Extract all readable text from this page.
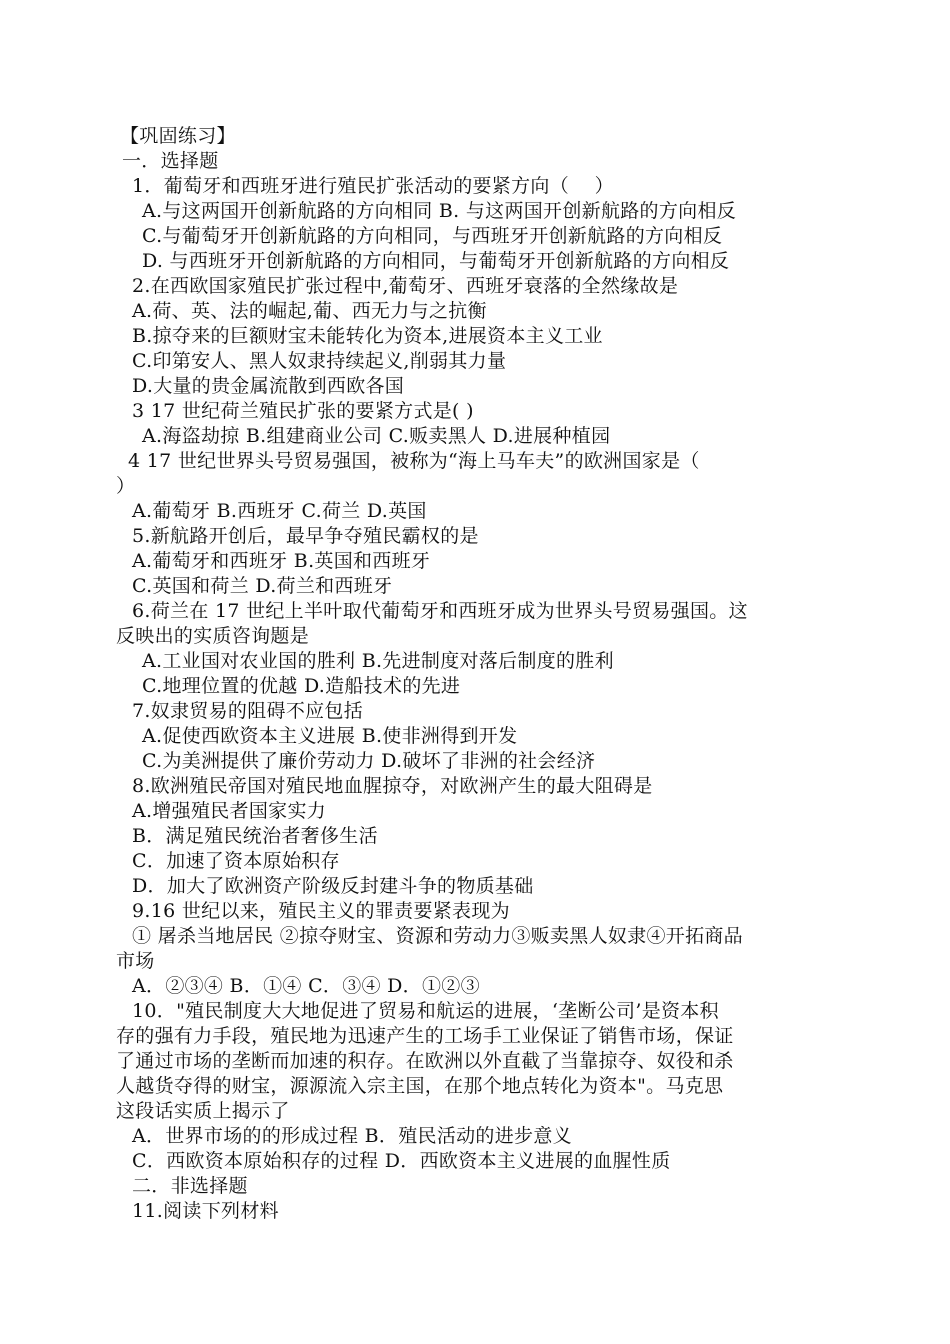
【巩固练习】
一．选择题
1．葡萄牙和西班牙进行殖民扩张活动的要紧方向（　 ）
A.与这两国开创新航路的方向相同 B. 与这两国开创新航路的方向相反
C.与葡萄牙开创新航路的方向相同，与西班牙开创新航路的方向相反
D. 与西班牙开创新航路的方向相同，与葡萄牙开创新航路的方向相反
2.在西欧国家殖民扩张过程中,葡萄牙、西班牙衰落的全然缘故是
A.荷、英、法的崛起,葡、西无力与之抗衡
B.掠夺来的巨额财宝未能转化为资本,进展资本主义工业
C.印第安人、黑人奴隶持续起义,削弱其力量
D.大量的贵金属流散到西欧各国
3 17 世纪荷兰殖民扩张的要紧方式是( )
A.海盗劫掠 B.组建商业公司 C.贩卖黑人 D.进展种植园
4 17 世纪世界头号贸易强国，被称为“海上马车夫”的欧洲国家是（
）
A.葡萄牙 B.西班牙 C.荷兰 D.英国
5.新航路开创后，最早争夺殖民霸权的是
A.葡萄牙和西班牙 B.英国和西班牙
C.英国和荷兰 D.荷兰和西班牙
6.荷兰在 17 世纪上半叶取代葡萄牙和西班牙成为世界头号贸易强国。这
反映出的实质咨询题是
A.工业国对农业国的胜利 B.先进制度对落后制度的胜利
C.地理位置的优越 D.造船技术的先进
7.奴隶贸易的阻碍不应包括
A.促使西欧资本主义进展 B.使非洲得到开发
C.为美洲提供了廉价劳动力 D.破坏了非洲的社会经济
8.欧洲殖民帝国对殖民地血腥掠夺，对欧洲产生的最大阻碍是
A.增强殖民者国家实力
B．满足殖民统治者奢侈生活
C．加速了资本原始积存
D．加大了欧洲资产阶级反封建斗争的物质基础
9.16 世纪以来，殖民主义的罪责要紧表现为
① 屠杀当地居民 ②掠夺财宝、资源和劳动力③贩卖黑人奴隶④开拓商品
市场
A．②③④ B．①④ C．③④ D．①②③
10．"殖民制度大大地促进了贸易和航运的进展，‘垄断公司’是资本积
存的强有力手段，殖民地为迅速产生的工场手工业保证了销售市场，保证
了通过市场的垄断而加速的积存。在欧洲以外直截了当靠掠夺、奴役和杀
人越货夺得的财宝，源源流入宗主国，在那个地点转化为资本"。马克思
这段话实质上揭示了
A．世界市场的的形成过程 B．殖民活动的进步意义
C．西欧资本原始积存的过程 D．西欧资本主义进展的血腥性质
二．非选择题
11.阅读下列材料
